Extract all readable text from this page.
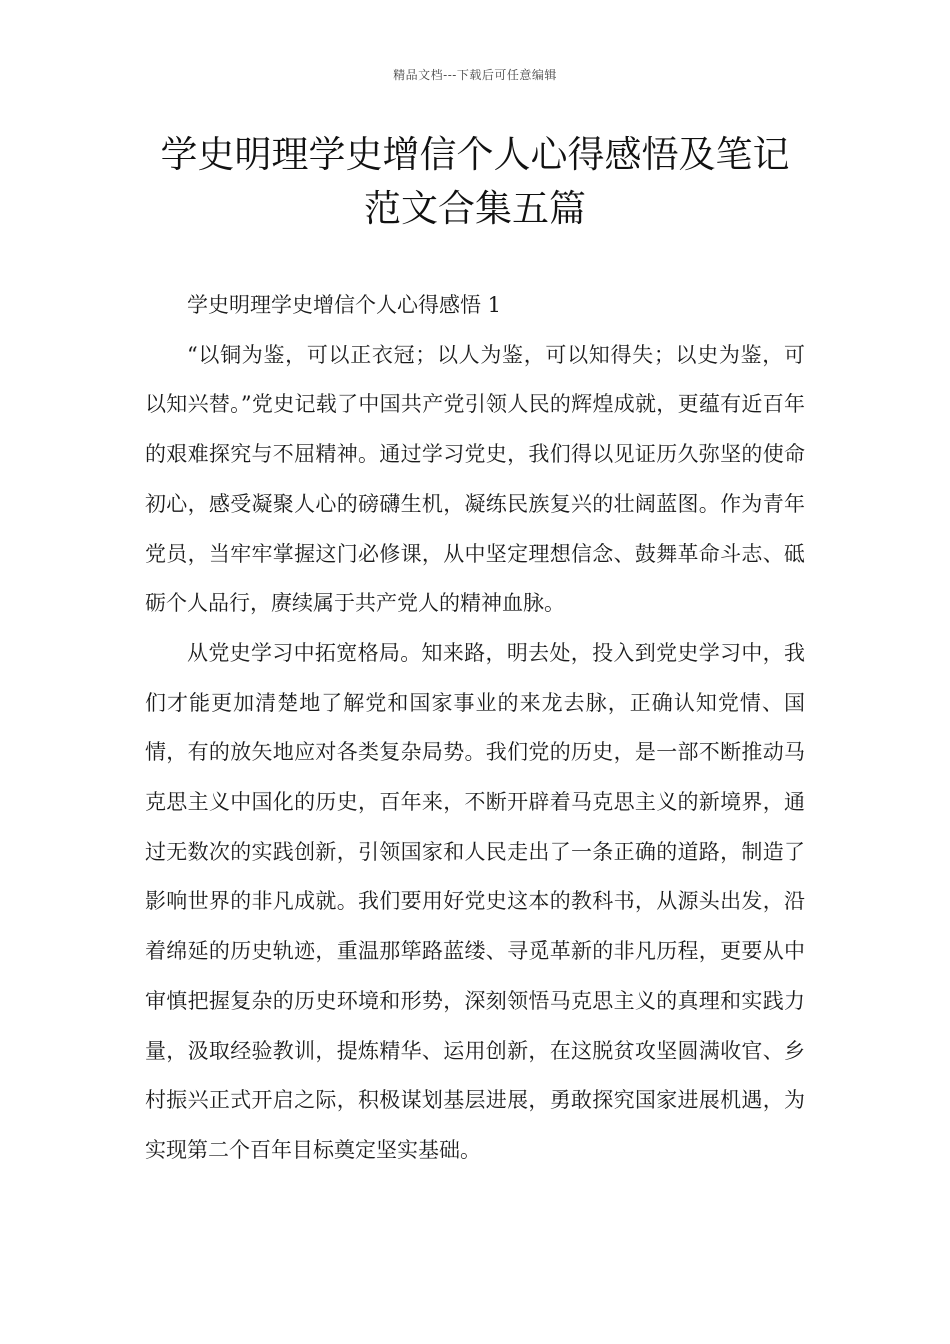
精品文档---下载后可任意编辑
学史明理学史增信个人心得感悟及笔记
范文合集五篇

学史明理学史增信个人心得感悟 1

“以铜为鉴，可以正衣冠；以人为鉴，可以知得失；以史为鉴，可以知兴替。”党史记载了中国共产党引领人民的辉煌成就，更蕴有近百年的艰难探究与不屈精神。通过学习党史，我们得以见证历久弥坚的使命初心，感受凝聚人心的磅礴生机，凝练民族复兴的壮阔蓝图。作为青年党员，当牢牢掌握这门必修课，从中坚定理想信念、鼓舞革命斗志、砥砺个人品行，赓续属于共产党人的精神血脉。

从党史学习中拓宽格局。知来路，明去处，投入到党史学习中，我们才能更加清楚地了解党和国家事业的来龙去脉，正确认知党情、国情，有的放矢地应对各类复杂局势。我们党的历史，是一部不断推动马克思主义中国化的历史，百年来，不断开辟着马克思主义的新境界，通过无数次的实践创新，引领国家和人民走出了一条正确的道路，制造了影响世界的非凡成就。我们要用好党史这本的教科书，从源头出发，沿着绵延的历史轨迹，重温那筚路蓝缕、寻觅革新的非凡历程，更要从中审慎把握复杂的历史环境和形势，深刻领悟马克思主义的真理和实践力量，汲取经验教训，提炼精华、运用创新，在这脱贫攻坚圆满收官、乡村振兴正式开启之际，积极谋划基层进展，勇敢探究国家进展机遇，为实现第二个百年目标奠定坚实基础。
